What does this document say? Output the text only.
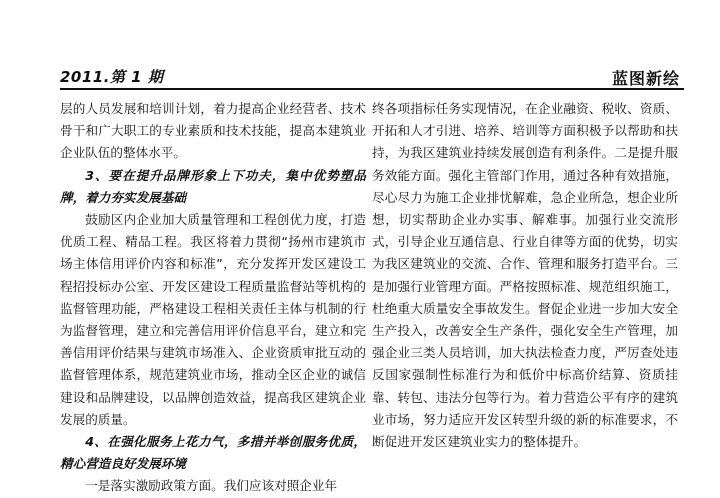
2011.第 1 期	蓝图新绘

层的人员发展和培训计划，着力提高企业经营者、技术骨干和广大职工的专业素质和技术技能，提高本建筑业企业队伍的整体水平。

3、要在提升品牌形象上下功夫，集中优势塑品牌，着力夯实发展基础

鼓励区内企业加大质量管理和工程创优力度，打造优质工程、精品工程。我区将着力贯彻“扬州市建筑市场主体信用评价内容和标准”，充分发挥开发区建设工程招投标办公室、开发区建设工程质量监督站等机构的监督管理功能，严格建设工程相关责任主体与机制的行为监督管理，建立和完善信用评价信息平台，建立和完善信用评价结果与建筑市场准入、企业资质审批互动的监督管理体系，规范建筑业市场，推动全区企业的诚信建设和品牌建设，以品牌创造效益，提高我区建筑企业发展的质量。

4、在强化服务上花力气，多措并举创服务优质，精心营造良好发展环境

一是落实激励政策方面。我们应该对照企业年

终各项指标任务实现情况，在企业融资、税收、资质、开拓和人才引进、培养、培训等方面积极予以帮助和扶持，为我区建筑业持续发展创造有利条件。二是提升服务效能方面。强化主管部门作用，通过各种有效措施，尽心尽力为施工企业排忧解难，急企业所急，想企业所想，切实帮助企业办实事、解难事。加强行业交流形式，引导企业互通信息、行业自律等方面的优势，切实为我区建筑业的交流、合作、管理和服务打造平台。三是加强行业管理方面。严格按照标准、规范组织施工，杜绝重大质量安全事故发生。督促企业进一步加大安全生产投入，改善安全生产条件，强化安全生产管理，加强企业三类人员培训，加大执法检查力度，严厉查处违反国家强制性标准行为和低价中标高价结算、资质挂靠、转包、违法分包等行为。着力营造公平有序的建筑业市场，努力适应开发区转型升级的新的标准要求，不断促进开发区建筑业实力的整体提升。
